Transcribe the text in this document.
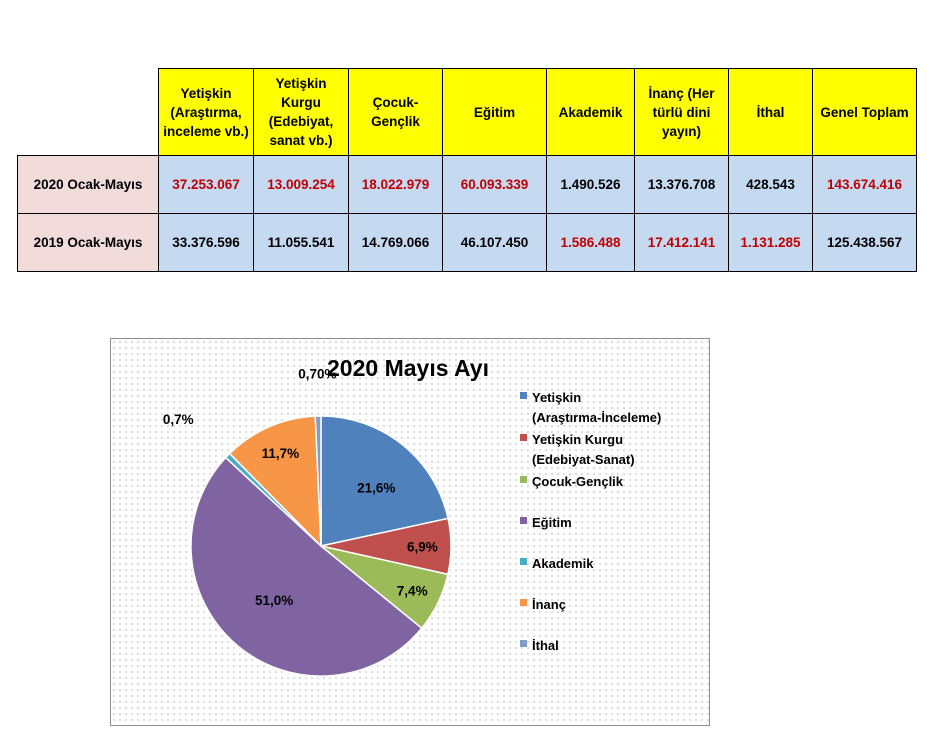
	Yetişkin (Araştırma, inceleme vb.)	Yetişkin Kurgu (Edebiyat, sanat vb.)	Çocuk-Gençlik	Eğitim	Akademik	İnanç (Her türlü dini yayın)	İthal	Genel Toplam
2020 Ocak-Mayıs	37.253.067	13.009.254	18.022.979	60.093.339	1.490.526	13.376.708	428.543	143.674.416
2019 Ocak-Mayıs	33.376.596	11.055.541	14.769.066	46.107.450	1.586.488	17.412.141	1.131.285	125.438.567
2020 Mayıs Ayı
21,6%
6,9%
7,4%
51,0%
0,7%
11,7%
0,70%
Yetişkin
(Araştırma-İnceleme)
Yetişkin Kurgu
(Edebiyat-Sanat)
Çocuk-Gençlik
Eğitim
Akademik
İnanç
İthal
